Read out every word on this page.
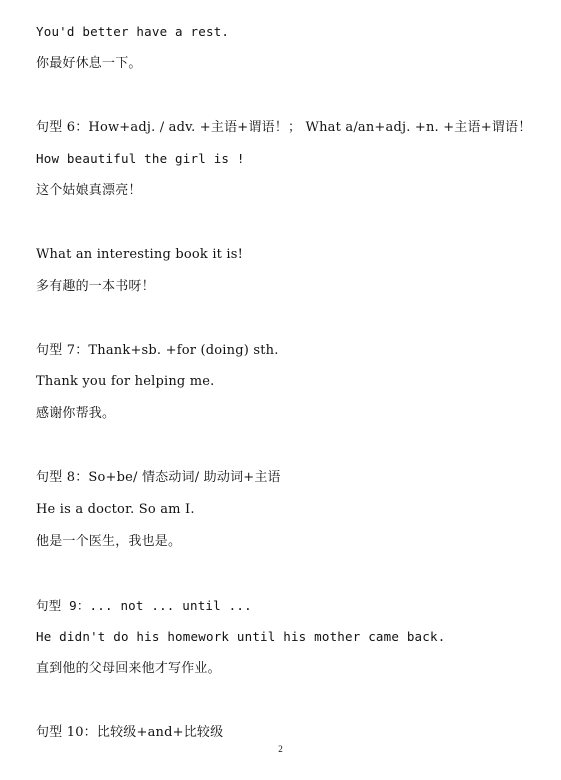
You'd better have a rest.
你最好休息一下。
句型 6：How+adj. / adv. +主语+谓语！； What a/an+adj. +n. +主语+谓语！
How beautiful the girl is !
这个姑娘真漂亮！
What an interesting book it is!
多有趣的一本书呀！
句型 7：Thank+sb. +for (doing) sth.
Thank you for helping me.
感谢你帮我。
句型 8：So+be/ 情态动词/ 助动词+主语
He is a doctor. So am I.
他是一个医生，我也是。
句型 9：... not ... until ...
He didn't do his homework until his mother came back.
直到他的父母回来他才写作业。
句型 10：比较级+and+比较级
2
